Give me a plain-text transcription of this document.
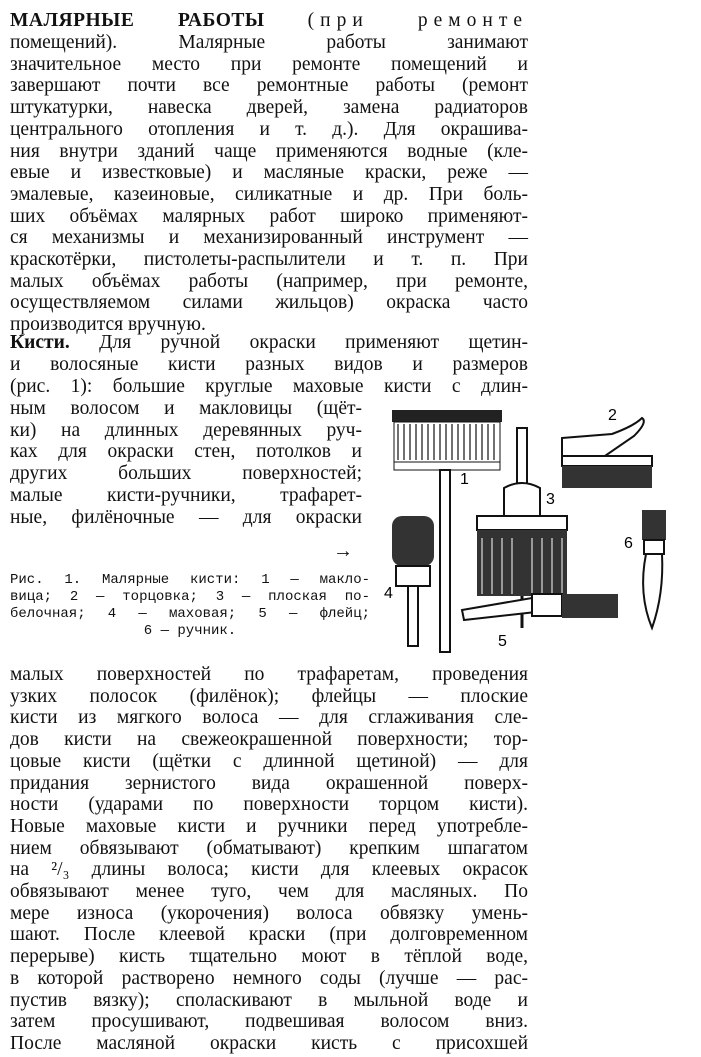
МАЛЯРНЫЕ РАБОТЫ (при ремонте
помещений). Малярные работы занимают
значительное место при ремонте помещений и
завершают почти все ремонтные работы (ремонт
штукатурки, навеска дверей, замена радиаторов
центрального отопления и т. д.). Для окрашива-
ния внутри зданий чаще применяются водные (кле-
евые и известковые) и масляные краски, реже —
эмалевые, казеиновые, силикатные и др. При боль-
ших объёмах малярных работ широко применяют-
ся механизмы и механизированный инструмент —
краскотёрки, пистолеты-распылители и т. п. При
малых объёмах работы (например, при ремонте,
осуществляемом силами жильцов) окраска часто
производится вручную.
Кисти. Для ручной окраски применяют щетин-
и волосяные кисти разных видов и размеров
(рис. 1): большие круглые маховые кисти с длин-
ным волосом и макловицы (щёт-
ки) на длинных деревянных руч-
ках для окраски стен, потолков и
других больших поверхностей;
малые кисти-ручники, трафарет-
ные, филёночные — для окраски
→
Рис. 1. Малярные кисти: 1 — макло-
вица; 2 — торцовка; 3 — плоская по-
белочная; 4 — маховая; 5 — флейц;
6 — ручник.
1
2
3
4
5
6
малых поверхностей по трафаретам, проведения
узких полосок (филёнок); флейцы — плоские
кисти из мягкого волоса — для сглаживания сле-
дов кисти на свежеокрашенной поверхности; тор-
цовые кисти (щётки с длинной щетиной) — для
придания зернистого вида окрашенной поверх-
ности (ударами по поверхности торцом кисти).
Новые маховые кисти и ручники перед употребле-
нием обвязывают (обматывают) крепким шпагатом
на ²/₃ длины волоса; кисти для клеевых окрасок
обвязывают менее туго, чем для масляных. По
мере износа (укорочения) волоса обвязку умень-
шают. После клеевой краски (при долговременном
перерыве) кисть тщательно моют в тёплой воде,
в которой растворено немного соды (лучше — рас-
пустив вязку); споласкивают в мыльной воде и
затем просушивают, подвешивая волосом вниз.
После масляной окраски кисть с присохшей
